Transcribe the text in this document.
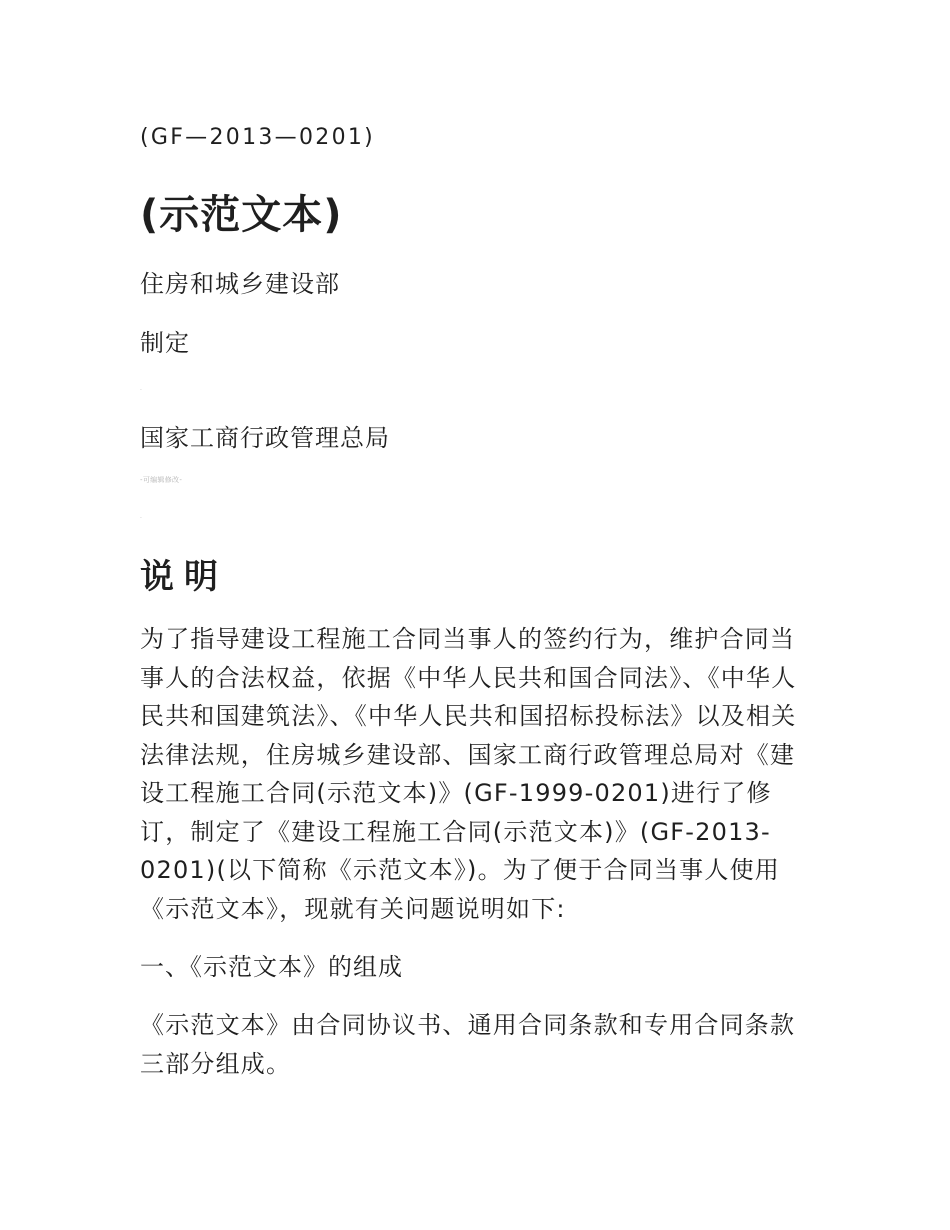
(GF—2013—0201)

(示范文本)

住房和城乡建设部

制定

.

国家工商行政管理总局

-可编辑修改-

.

说明

为了指导建设工程施工合同当事人的签约行为，维护合同当事人的合法权益，依据《中华人民共和国合同法》、《中华人民共和国建筑法》、《中华人民共和国招标投标法》以及相关法律法规，住房城乡建设部、国家工商行政管理总局对《建设工程施工合同(示范文本)》(GF-1999-0201)进行了修订，制定了《建设工程施工合同(示范文本)》(GF-2013-0201)(以下简称《示范文本》)。为了便于合同当事人使用《示范文本》，现就有关问题说明如下:

一、《示范文本》的组成

《示范文本》由合同协议书、通用合同条款和专用合同条款三部分组成。
